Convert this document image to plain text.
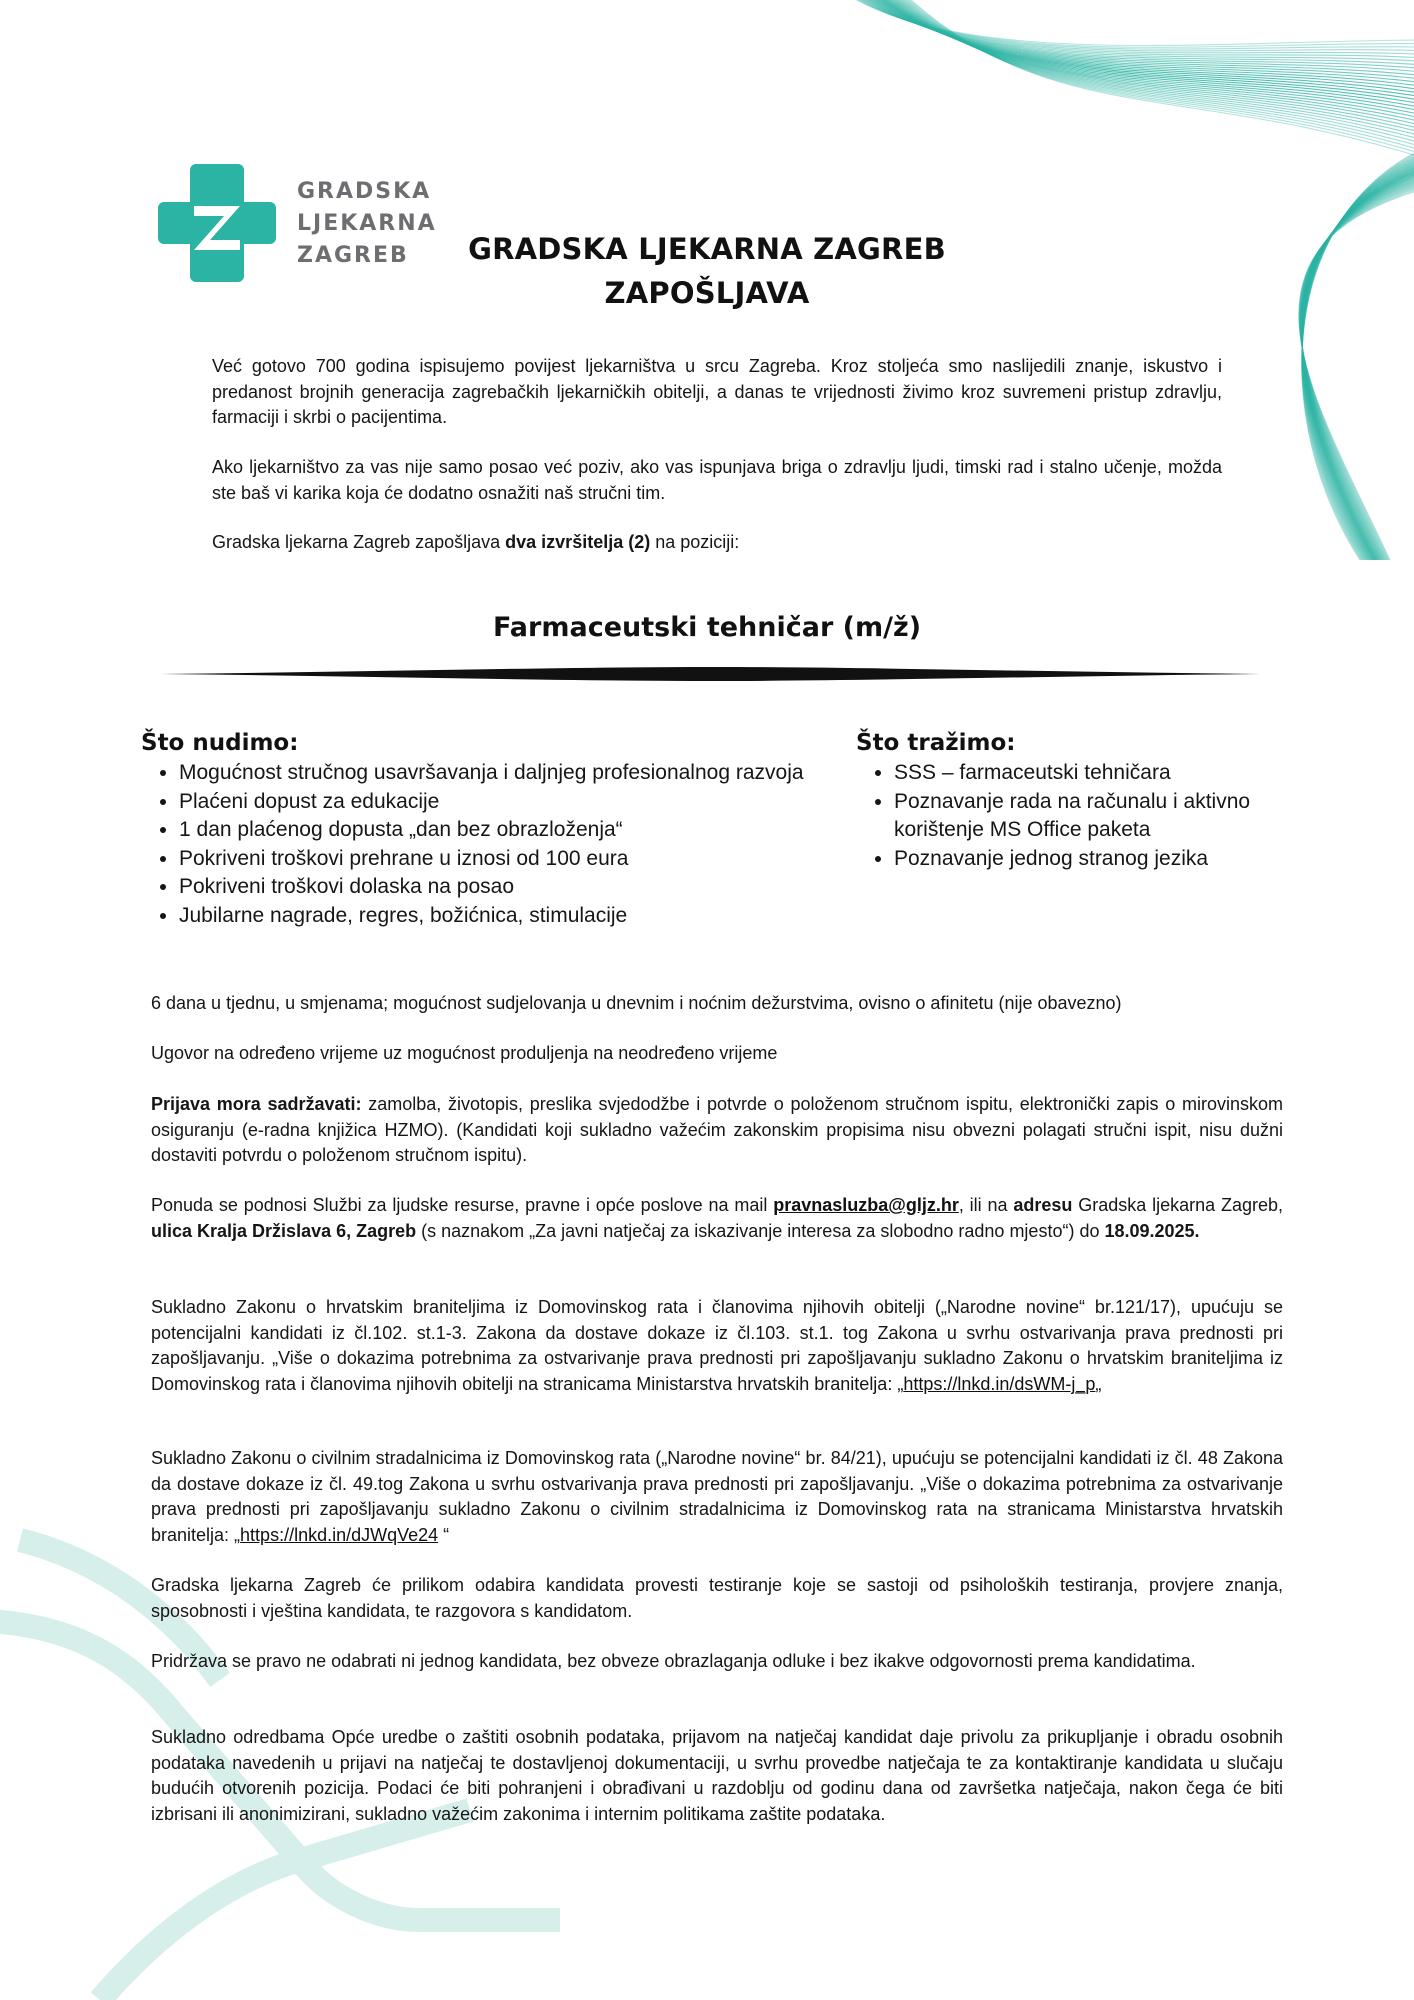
GRADSKA
LJEKARNA
ZAGREB	GRADSKA LJEKARNA ZAGREB
ZAPOŠLJAVA

Već gotovo 700 godina ispisujemo povijest ljekarništva u srcu Zagreba. Kroz stoljeća smo naslijedili znanje, iskustvo i predanost brojnih generacija zagrebačkih ljekarničkih obitelji, a danas te vrijednosti živimo kroz suvremeni pristup zdravlju, farmaciji i skrbi o pacijentima.

Ako ljekarništvo za vas nije samo posao već poziv, ako vas ispunjava briga o zdravlju ljudi, timski rad i stalno učenje, možda ste baš vi karika koja će dodatno osnažiti naš stručni tim.

Gradska ljekarna Zagreb zapošljava dva izvršitelja (2) na poziciji:

Farmaceutski tehničar (m/ž)
Što nudimo:
• Mogućnost stručnog usavršavanja i daljnjeg profesionalnog razvoja
• Plaćeni dopust za edukacije
• 1 dan plaćenog dopusta „dan bez obrazloženja“
• Pokriveni troškovi prehrane u iznosi od 100 eura
• Pokriveni troškovi dolaska na posao
• Jubilarne nagrade, regres, božićnica, stimulacije
Što tražimo:
• SSS – farmaceutski tehničara
• Poznavanje rada na računalu i aktivno korištenje MS Office paketa
• Poznavanje jednog stranog jezika

6 dana u tjednu, u smjenama; mogućnost sudjelovanja u dnevnim i noćnim dežurstvima, ovisno o afinitetu (nije obavezno)

Ugovor na određeno vrijeme uz mogućnost produljenja na neodređeno vrijeme

Prijava mora sadržavati: zamolba, životopis, preslika svjedodžbe i potvrde o položenom stručnom ispitu, elektronički zapis o mirovinskom osiguranju (e-radna knjižica HZMO). (Kandidati koji sukladno važećim zakonskim propisima nisu obvezni polagati stručni ispit, nisu dužni dostaviti potvrdu o položenom stručnom ispitu).

Ponuda se podnosi Službi za ljudske resurse, pravne i opće poslove na mail pravnasluzba@gljz.hr, ili na adresu Gradska ljekarna Zagreb, ulica Kralja Držislava 6, Zagreb (s naznakom „Za javni natječaj za iskazivanje interesa za slobodno radno mjesto“) do 18.09.2025.

Sukladno Zakonu o hrvatskim braniteljima iz Domovinskog rata i članovima njihovih obitelji („Narodne novine“ br.121/17), upućuju se potencijalni kandidati iz čl.102. st.1-3. Zakona da dostave dokaze iz čl.103. st.1. tog Zakona u svrhu ostvarivanja prava prednosti pri zapošljavanju. „Više o dokazima potrebnima za ostvarivanje prava prednosti pri zapošljavanju sukladno Zakonu o hrvatskim braniteljima iz Domovinskog rata i članovima njihovih obitelji na stranicama Ministarstva hrvatskih branitelja: „https://lnkd.in/dsWM-j_p„

Sukladno Zakonu o civilnim stradalnicima iz Domovinskog rata („Narodne novine“ br. 84/21), upućuju se potencijalni kandidati iz čl. 48 Zakona da dostave dokaze iz čl. 49.tog Zakona u svrhu ostvarivanja prava prednosti pri zapošljavanju. „Više o dokazima potrebnima za ostvarivanje prava prednosti pri zapošljavanju sukladno Zakonu o civilnim stradalnicima iz Domovinskog rata na stranicama Ministarstva hrvatskih branitelja: „https://lnkd.in/dJWqVe24 “

Gradska ljekarna Zagreb će prilikom odabira kandidata provesti testiranje koje se sastoji od psiholoških testiranja, provjere znanja, sposobnosti i vještina kandidata, te razgovora s kandidatom.

Pridržava se pravo ne odabrati ni jednog kandidata, bez obveze obrazlaganja odluke i bez ikakve odgovornosti prema kandidatima.

Sukladno odredbama Opće uredbe o zaštiti osobnih podataka, prijavom na natječaj kandidat daje privolu za prikupljanje i obradu osobnih podataka navedenih u prijavi na natječaj te dostavljenoj dokumentaciji, u svrhu provedbe natječaja te za kontaktiranje kandidata u slučaju budućih otvorenih pozicija. Podaci će biti pohranjeni i obrađivani u razdoblju od godinu dana od završetka natječaja, nakon čega će biti izbrisani ili anonimizirani, sukladno važećim zakonima i internim politikama zaštite podataka.
